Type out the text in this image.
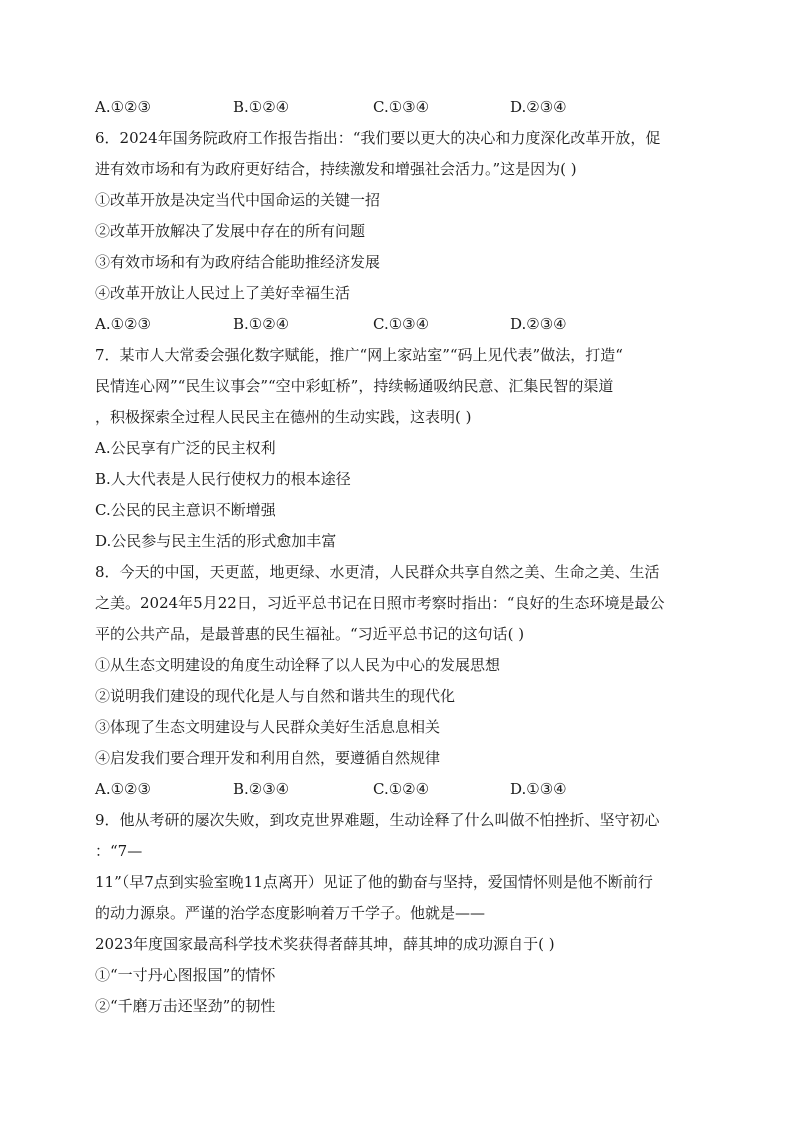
A.①②③	B.①②④	C.①③④	D.②③④
6．2024年国务院政府工作报告指出：“我们要以更大的决心和力度深化改革开放，促
进有效市场和有为政府更好结合，持续激发和增强社会活力。”这是因为( )
①改革开放是决定当代中国命运的关键一招
②改革开放解决了发展中存在的所有问题
③有效市场和有为政府结合能助推经济发展
④改革开放让人民过上了美好幸福生活
A.①②③	B.①②④	C.①③④	D.②③④
7．某市人大常委会强化数字赋能，推广“网上家站室”“码上见代表”做法，打造“
民情连心网”“民生议事会”“空中彩虹桥”，持续畅通吸纳民意、汇集民智的渠道
，积极探索全过程人民民主在德州的生动实践，这表明( )
A.公民享有广泛的民主权利
B.人大代表是人民行使权力的根本途径
C.公民的民主意识不断增强
D.公民参与民主生活的形式愈加丰富
8．今天的中国，天更蓝，地更绿、水更清，人民群众共享自然之美、生命之美、生活
之美。2024年5月22日，习近平总书记在日照市考察时指出：“良好的生态环境是最公
平的公共产品，是最普惠的民生福祉。“习近平总书记的这句话( )
①从生态文明建设的角度生动诠释了以人民为中心的发展思想
②说明我们建设的现代化是人与自然和谐共生的现代化
③体现了生态文明建设与人民群众美好生活息息相关
④启发我们要合理开发和利用自然，要遵循自然规律
A.①②③	B.②③④	C.①②④	D.①③④
9．他从考研的屡次失败，到攻克世界难题，生动诠释了什么叫做不怕挫折、坚守初心
：“7—
11”（早7点到实验室晚11点离开）见证了他的勤奋与坚持，爱国情怀则是他不断前行
的动力源泉。严谨的治学态度影响着万千学子。他就是——
2023年度国家最高科学技术奖获得者薛其坤，薛其坤的成功源自于( )
①“一寸丹心图报国”的情怀
②“千磨万击还坚劲”的韧性
